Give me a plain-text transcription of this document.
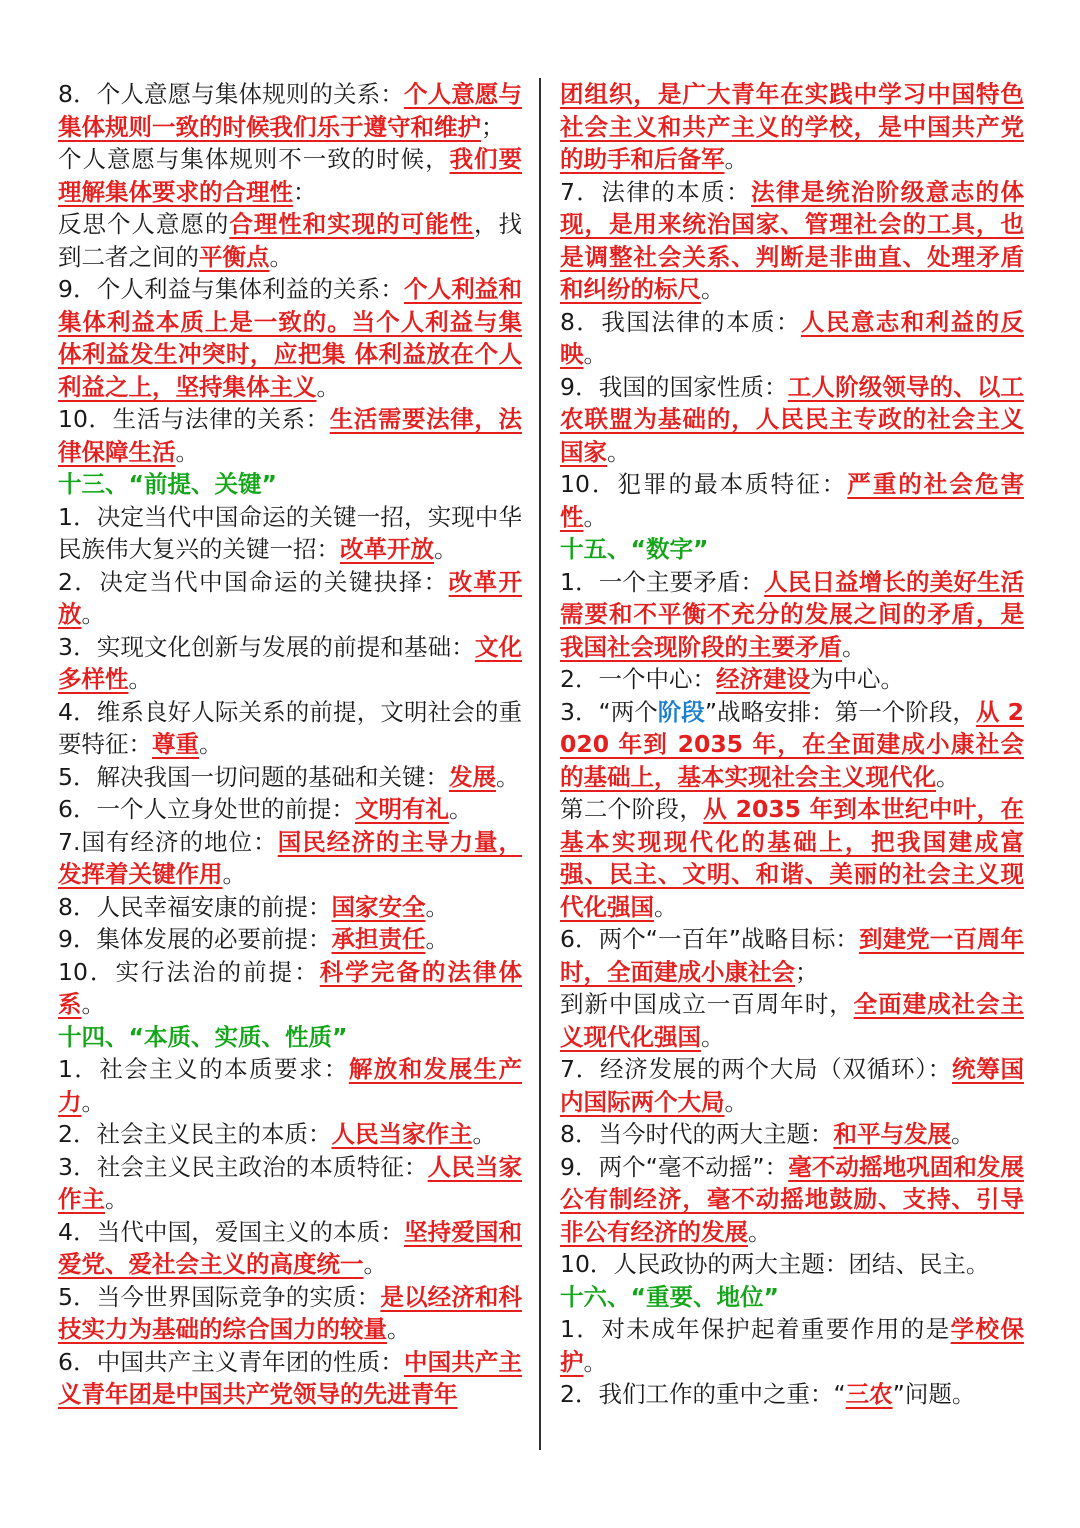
8．个人意愿与集体规则的关系：个人意愿与集体规则一致的时候我们乐于遵守和维护；

个人意愿与集体规则不一致的时候，我们要理解集体要求的合理性：

反思个人意愿的合理性和实现的可能性，找到二者之间的平衡点。

9．个人利益与集体利益的关系：个人利益和集体利益本质上是一致的。当个人利益与集体利益发生冲突时，应把集 体利益放在个人利益之上，坚持集体主义。

10．生活与法律的关系：生活需要法律，法律保障生活。

十三、“前提、关键”

1．决定当代中国命运的关键一招，实现中华民族伟大复兴的关键一招：改革开放。

2．决定当代中国命运的关键抉择：改革开放。

3．实现文化创新与发展的前提和基础：文化多样性。

4．维系良好人际关系的前提，文明社会的重要特征：尊重。

5．解决我国一切问题的基础和关键：发展。

6．一个人立身处世的前提：文明有礼。

7.国有经济的地位：国民经济的主导力量，发挥着关键作用。

8．人民幸福安康的前提：国家安全。

9．集体发展的必要前提：承担责任。

10．实行法治的前提：科学完备的法律体系。

十四、“本质、实质、性质”

1．社会主义的本质要求：解放和发展生产力。

2．社会主义民主的本质：人民当家作主。

3．社会主义民主政治的本质特征：人民当家作主。

4．当代中国，爱国主义的本质：坚持爱国和爱党、爱社会主义的高度统一。

5．当今世界国际竞争的实质：是以经济和科技实力为基础的综合国力的较量。

6．中国共产主义青年团的性质：中国共产主义青年团是中国共产党领导的先进青年

团组织，是广大青年在实践中学习中国特色社会主义和共产主义的学校，是中国共产党的助手和后备军。

7．法律的本质：法律是统治阶级意志的体现，是用来统治国家、管理社会的工具，也是调整社会关系、判断是非曲直、处理矛盾和纠纷的标尺。

8．我国法律的本质：人民意志和利益的反映。

9．我国的国家性质：工人阶级领导的、以工农联盟为基础的，人民民主专政的社会主义国家。

10．犯罪的最本质特征：严重的社会危害性。

十五、“数字”

1．一个主要矛盾：人民日益增长的美好生活需要和不平衡不充分的发展之间的矛盾，是我国社会现阶段的主要矛盾。

2．一个中心：经济建设为中心。

3．“两个阶段”战略安排：第一个阶段，从 2020 年到 2035 年，在全面建成小康社会的基础上，基本实现社会主义现代化。

第二个阶段，从 2035 年到本世纪中叶，在基本实现现代化的基础上，把我国建成富强、民主、文明、和谐、美丽的社会主义现代化强国。

6．两个“一百年”战略目标：到建党一百周年时，全面建成小康社会；

到新中国成立一百周年时，全面建成社会主义现代化强国。

7．经济发展的两个大局（双循环）：统筹国内国际两个大局。

8．当今时代的两大主题：和平与发展。

9．两个“毫不动摇”：毫不动摇地巩固和发展公有制经济，毫不动摇地鼓励、支持、引导非公有经济的发展。

10．人民政协的两大主题：团结、民主。

十六、“重要、地位”

1．对未成年保护起着重要作用的是学校保护。

2．我们工作的重中之重：“三农”问题。
